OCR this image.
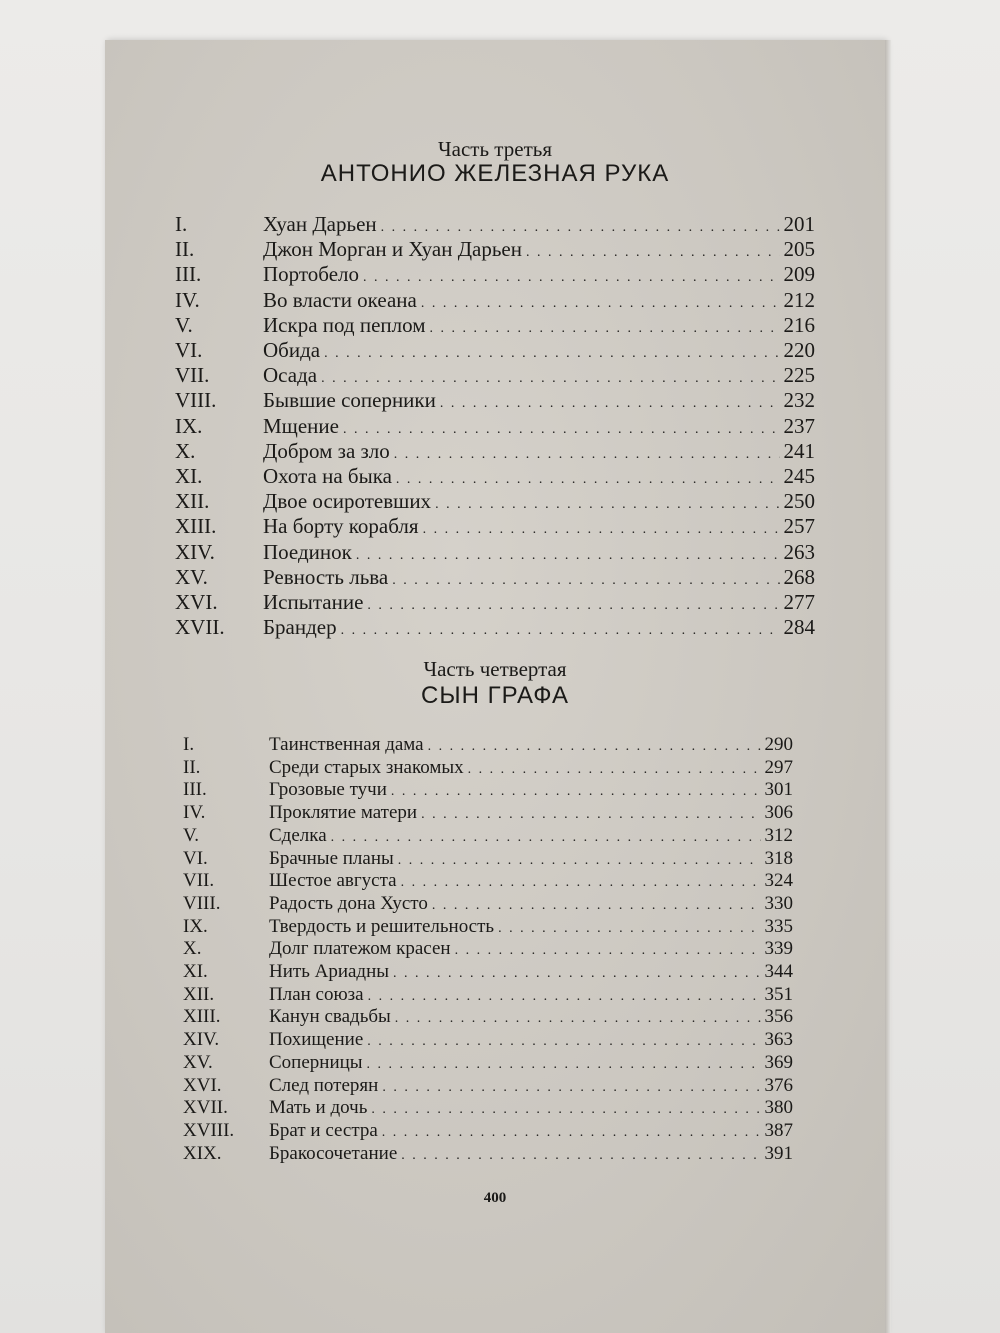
Часть третья
АНТОНИО ЖЕЛЕЗНАЯ РУКА
I.	Хуан Дарьен . . .	201
II.	Джон Морган и Хуан Дарьен . . .	205
III.	Портобело . . .	209
IV.	Во власти океана . . .	212
V.	Искра под пеплом . . .	216
VI.	Обида . . .	220
VII.	Осада . . .	225
VIII.	Бывшие соперники . . .	232
IX.	Мщение . . .	237
X.	Добром за зло . . .	241
XI.	Охота на быка . . .	245
XII.	Двое осиротевших . . .	250
XIII.	На борту корабля . . .	257
XIV.	Поединок . . .	263
XV.	Ревность льва . . .	268
XVI.	Испытание . . .	277
XVII.	Брандер . . .	284
Часть четвертая
СЫН ГРАФА
I.	Таинственная дама . . .	290
II.	Среди старых знакомых . . .	297
III.	Грозовые тучи . . .	301
IV.	Проклятие матери . . .	306
V.	Сделка . . .	312
VI.	Брачные планы . . .	318
VII.	Шестое августа . . .	324
VIII.	Радость дона Хусто . . .	330
IX.	Твердость и решительность . . .	335
X.	Долг платежом красен . . .	339
XI.	Нить Ариадны . . .	344
XII.	План союза . . .	351
XIII.	Канун свадьбы . . .	356
XIV.	Похищение . . .	363
XV.	Соперницы . . .	369
XVI.	След потерян . . .	376
XVII.	Мать и дочь . . .	380
XVIII.	Брат и сестра . . .	387
XIX.	Бракосочетание . . .	391
400
